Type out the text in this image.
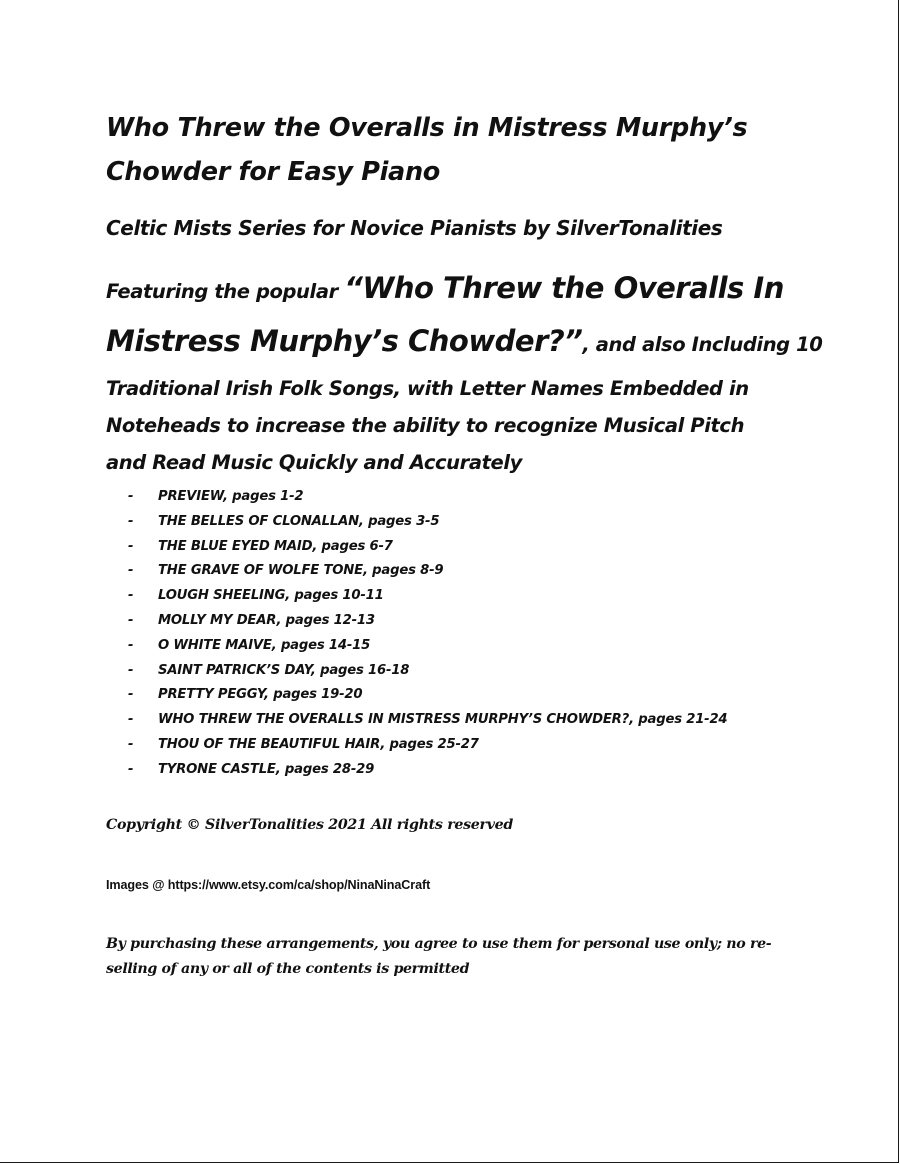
Who Threw the Overalls in Mistress Murphy’s
Chowder for Easy Piano

Celtic Mists Series for Novice Pianists by SilverTonalities

Featuring the popular “Who Threw the Overalls In
Mistress Murphy’s Chowder?”, and also Including 10
Traditional Irish Folk Songs, with Letter Names Embedded in
Noteheads to increase the ability to recognize Musical Pitch
and Read Music Quickly and Accurately

- PREVIEW, pages 1-2
- THE BELLES OF CLONALLAN, pages 3-5
- THE BLUE EYED MAID, pages 6-7
- THE GRAVE OF WOLFE TONE, pages 8-9
- LOUGH SHEELING, pages 10-11
- MOLLY MY DEAR, pages 12-13
- O WHITE MAIVE, pages 14-15
- SAINT PATRICK’S DAY, pages 16-18
- PRETTY PEGGY, pages 19-20
- WHO THREW THE OVERALLS IN MISTRESS MURPHY’S CHOWDER?, pages 21-24
- THOU OF THE BEAUTIFUL HAIR, pages 25-27
- TYRONE CASTLE, pages 28-29

Copyright © SilverTonalities 2021 All rights reserved

Images @ https://www.etsy.com/ca/shop/NinaNinaCraft

By purchasing these arrangements, you agree to use them for personal use only; no re-
selling of any or all of the contents is permitted
